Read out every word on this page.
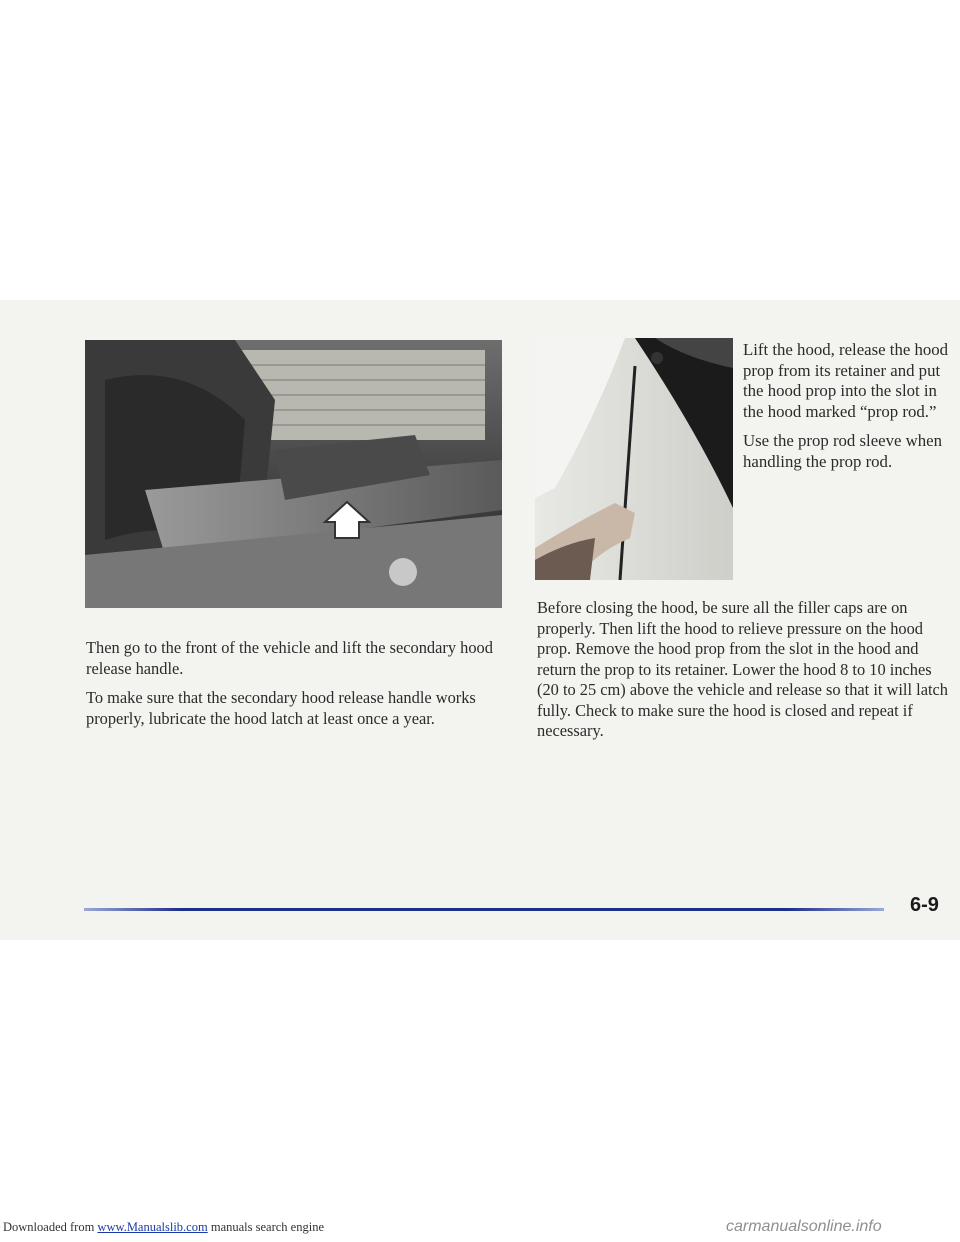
Lift the hood, release the hood prop from its retainer and put the hood prop into the slot in the hood marked “prop rod.”

Use the prop rod sleeve when handling the prop rod.

Then go to the front of the vehicle and lift the secondary hood release handle.

To make sure that the secondary hood release handle works properly, lubricate the hood latch at least once a year.

Before closing the hood, be sure all the filler caps are on properly. Then lift the hood to relieve pressure on the hood prop. Remove the hood prop from the slot in the hood and return the prop to its retainer. Lower the hood 8 to 10 inches (20 to 25 cm) above the vehicle and release so that it will latch fully. Check to make sure the hood is closed and repeat if necessary.

6-9
Downloaded from www.Manualslib.com manuals search engine	carmanualsonline.info
